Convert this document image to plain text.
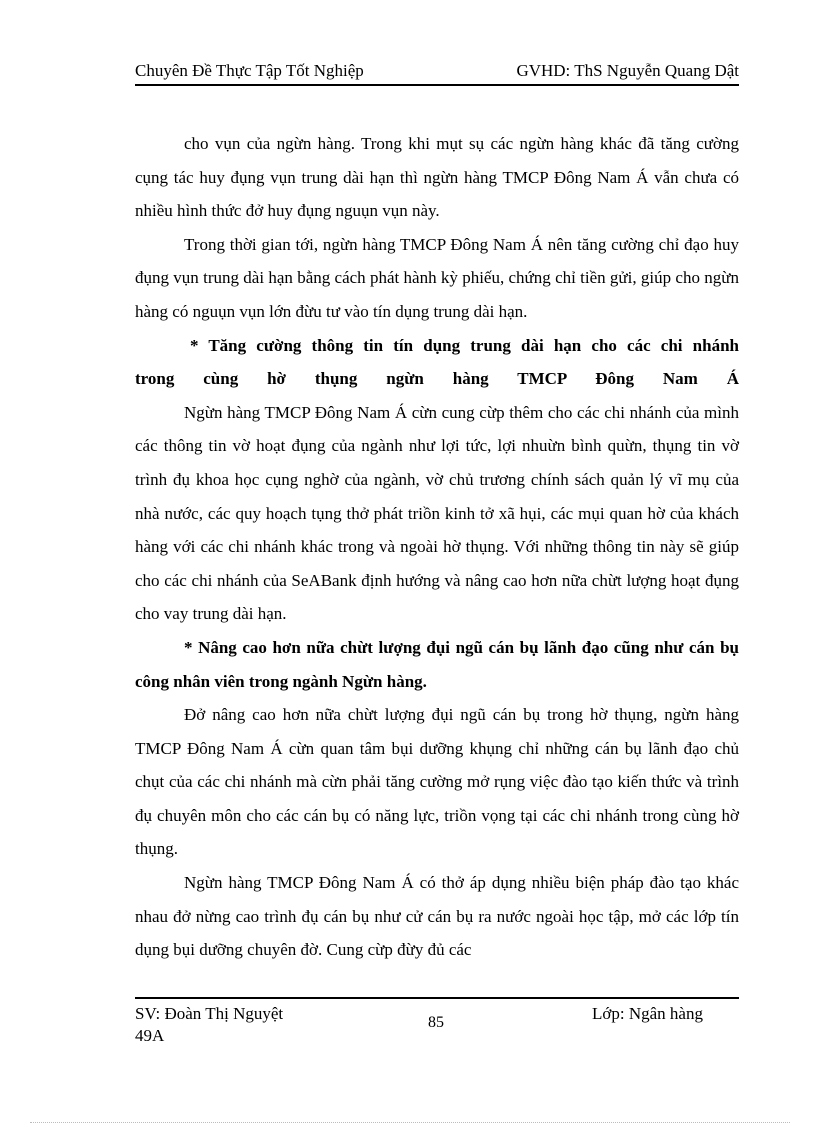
Chuyên Đề Thực Tập Tốt Nghiệp	GVHD: ThS Nguyễn Quang Dật

cho vụn của ngừn hàng. Trong khi mụt sụ các ngừn hàng khác đã tăng cường cụng tác huy đụng vụn trung dài hạn thì ngừn hàng TMCP Đông Nam Á vẫn chưa có nhiều hình thức đở huy đụng nguụn vụn này.

Trong thời gian tới, ngừn hàng TMCP Đông Nam Á nên tăng cường chỉ đạo huy đụng vụn trung dài hạn bằng cách phát hành kỳ phiếu, chứng chỉ tiền gửi, giúp cho ngừn hàng có nguụn vụn lớn đừu tư vào tín dụng trung dài hạn.

* Tăng cường thông tin tín dụng trung dài hạn cho các chi nhánh

trong cùng hờ thụng ngừn hàng TMCP Đông Nam Á

Ngừn hàng TMCP Đông Nam Á cừn cung cừp thêm cho các chi nhánh của mình các thông tin vờ hoạt đụng của ngành như lợi tức, lợi nhuừn bình quừn, thụng tin vờ trình đụ khoa học cụng nghờ của ngành, vờ chủ trương chính sách quản lý vĩ mụ của nhà nước, các quy hoạch tụng thở phát triồn kinh tở xã hụi, các mụi quan hờ của khách hàng với các chi nhánh khác trong và ngoài hờ thụng. Với những thông tin này sẽ giúp cho các chi nhánh của SeABank định hướng và nâng cao hơn nữa chừt lượng hoạt đụng cho vay trung dài hạn.

* Nâng cao hơn nữa chừt lượng đụi ngũ cán bụ lãnh đạo cũng như cán bụ công nhân viên trong ngành Ngừn hàng.

Đở nâng cao hơn nữa chừt lượng đụi ngũ cán bụ trong hờ thụng, ngừn hàng TMCP Đông Nam Á cừn quan tâm bụi dưỡng khụng chỉ những cán bụ lãnh đạo chủ chụt của các chi nhánh mà cừn phải tăng cường mở rụng việc đào tạo kiến thức và trình đụ chuyên môn cho các cán bụ có năng lực, triồn vọng tại các chi nhánh trong cùng hờ thụng.

Ngừn hàng TMCP Đông Nam Á có thở áp dụng nhiều biện pháp đào tạo khác nhau đở nừng cao trình đụ cán bụ như cử cán bụ ra nước ngoài học tập, mở các lớp tín dụng bụi dưỡng chuyên đờ. Cung cừp đừy đủ các

SV: Đoàn Thị Nguyệt
49A
85	Lớp: Ngân hàng
